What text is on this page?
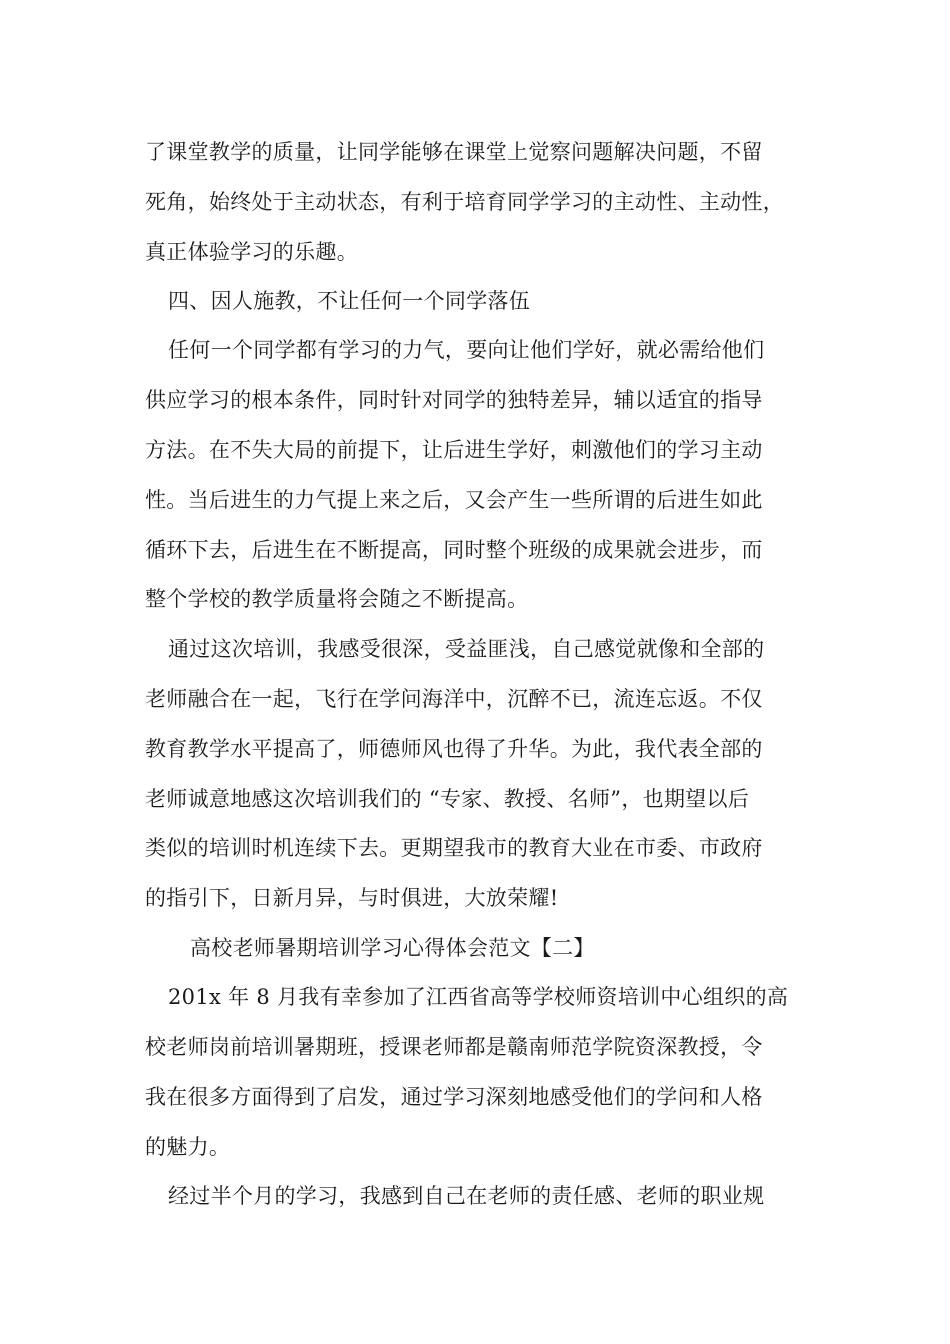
了课堂教学的质量，让同学能够在课堂上觉察问题解决问题，不留

死角，始终处于主动状态，有利于培育同学学习的主动性、主动性，

真正体验学习的乐趣。

四、因人施教，不让任何一个同学落伍

任何一个同学都有学习的力气，要向让他们学好，就必需给他们

供应学习的根本条件，同时针对同学的独特差异，辅以适宜的指导

方法。在不失大局的前提下，让后进生学好，刺激他们的学习主动

性。当后进生的力气提上来之后，又会产生一些所谓的后进生如此

循环下去，后进生在不断提高，同时整个班级的成果就会进步，而

整个学校的教学质量将会随之不断提高。

通过这次培训，我感受很深，受益匪浅，自己感觉就像和全部的

老师融合在一起，飞行在学问海洋中，沉醉不已，流连忘返。不仅

教育教学水平提高了，师德师风也得了升华。为此，我代表全部的

老师诚意地感这次培训我们的 “专家、教授、名师”，也期望以后

类似的培训时机连续下去。更期望我市的教育大业在市委、市政府

的指引下，日新月异，与时俱进，大放荣耀!

高校老师暑期培训学习心得体会范文【二】

201x 年 8 月我有幸参加了江西省高等学校师资培训中心组织的高

校老师岗前培训暑期班，授课老师都是赣南师范学院资深教授，令

我在很多方面得到了启发，通过学习深刻地感受他们的学问和人格

的魅力。

经过半个月的学习，我感到自己在老师的责任感、老师的职业规
